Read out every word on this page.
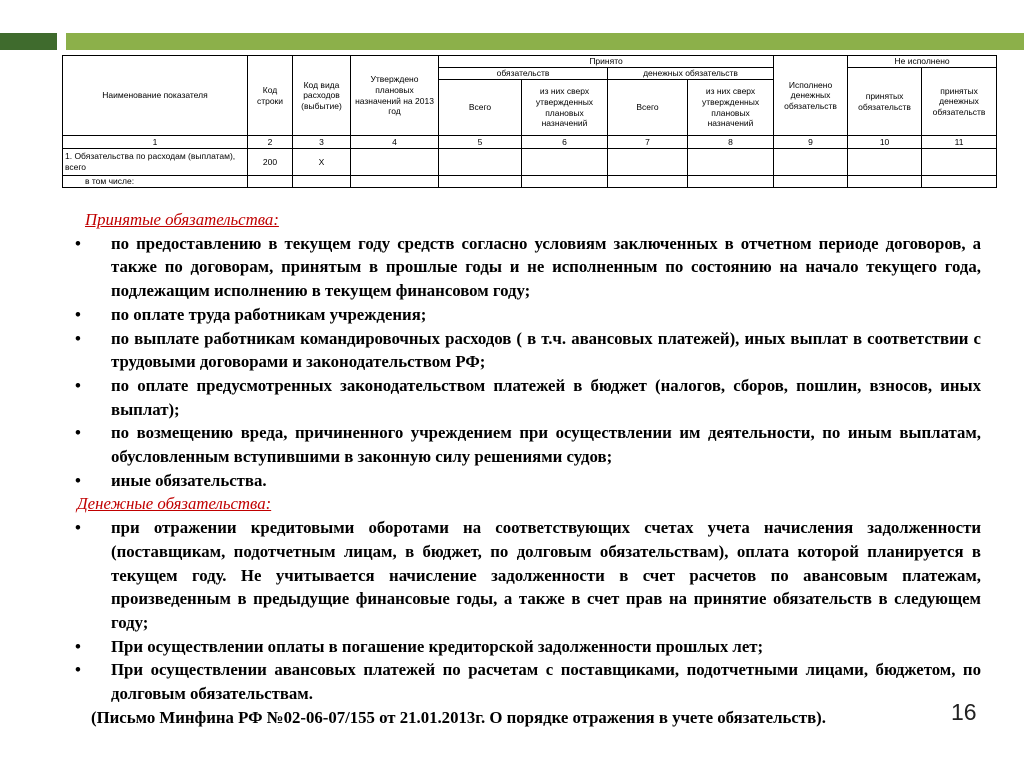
Наименование показателя	Код строки	Код вида расходов (выбытие)	Утверждено плановых назначений на 2013 год	Принято				Исполнено денежных обязательств	Не исполнено	
				обязательств		денежных обязательств			принятых обязательств	принятых денежных обязательств
				Всего	из них сверх утвержденных плановых назначений	Всего	из них сверх утвержденных плановых назначений			
1	2	3	4	5	6	7	8	9	10	11
1. Обязательства по расходам (выплатам), всего	200	X								
в том числе:										
Принятые обязательства:
• по предоставлению в текущем году средств согласно условиям заключенных в отчетном периоде договоров, а также по договорам, принятым в прошлые годы и не исполненным по состоянию на начало текущего года, подлежащим исполнению в текущем финансовом году;
• по оплате труда работникам учреждения;
• по выплате работникам командировочных расходов ( в т.ч. авансовых платежей), иных выплат в соответствии с трудовыми договорами и законодательством РФ;
• по оплате предусмотренных законодательством платежей в бюджет (налогов, сборов, пошлин, взносов, иных выплат);
• по возмещению вреда, причиненного учреждением при осуществлении им деятельности, по иным выплатам, обусловленным вступившими в законную силу решениями судов;
• иные обязательства.
Денежные обязательства:
• при отражении кредитовыми оборотами на соответствующих счетах учета начисления задолженности (поставщикам, подотчетным лицам, в бюджет, по долговым обязательствам), оплата которой планируется в текущем году. Не учитывается начисление задолженности в счет расчетов по авансовым платежам, произведенным в предыдущие финансовые годы, а также в счет прав на принятие обязательств в следующем году;
• При осуществлении оплаты в погашение кредиторской задолженности прошлых лет;
• При осуществлении авансовых платежей по расчетам с поставщиками, подотчетными лицами, бюджетом, по долговым обязательствам.
(Письмо Минфина РФ №02-06-07/155 от 21.01.2013г. О порядке отражения в учете обязательств).	16
